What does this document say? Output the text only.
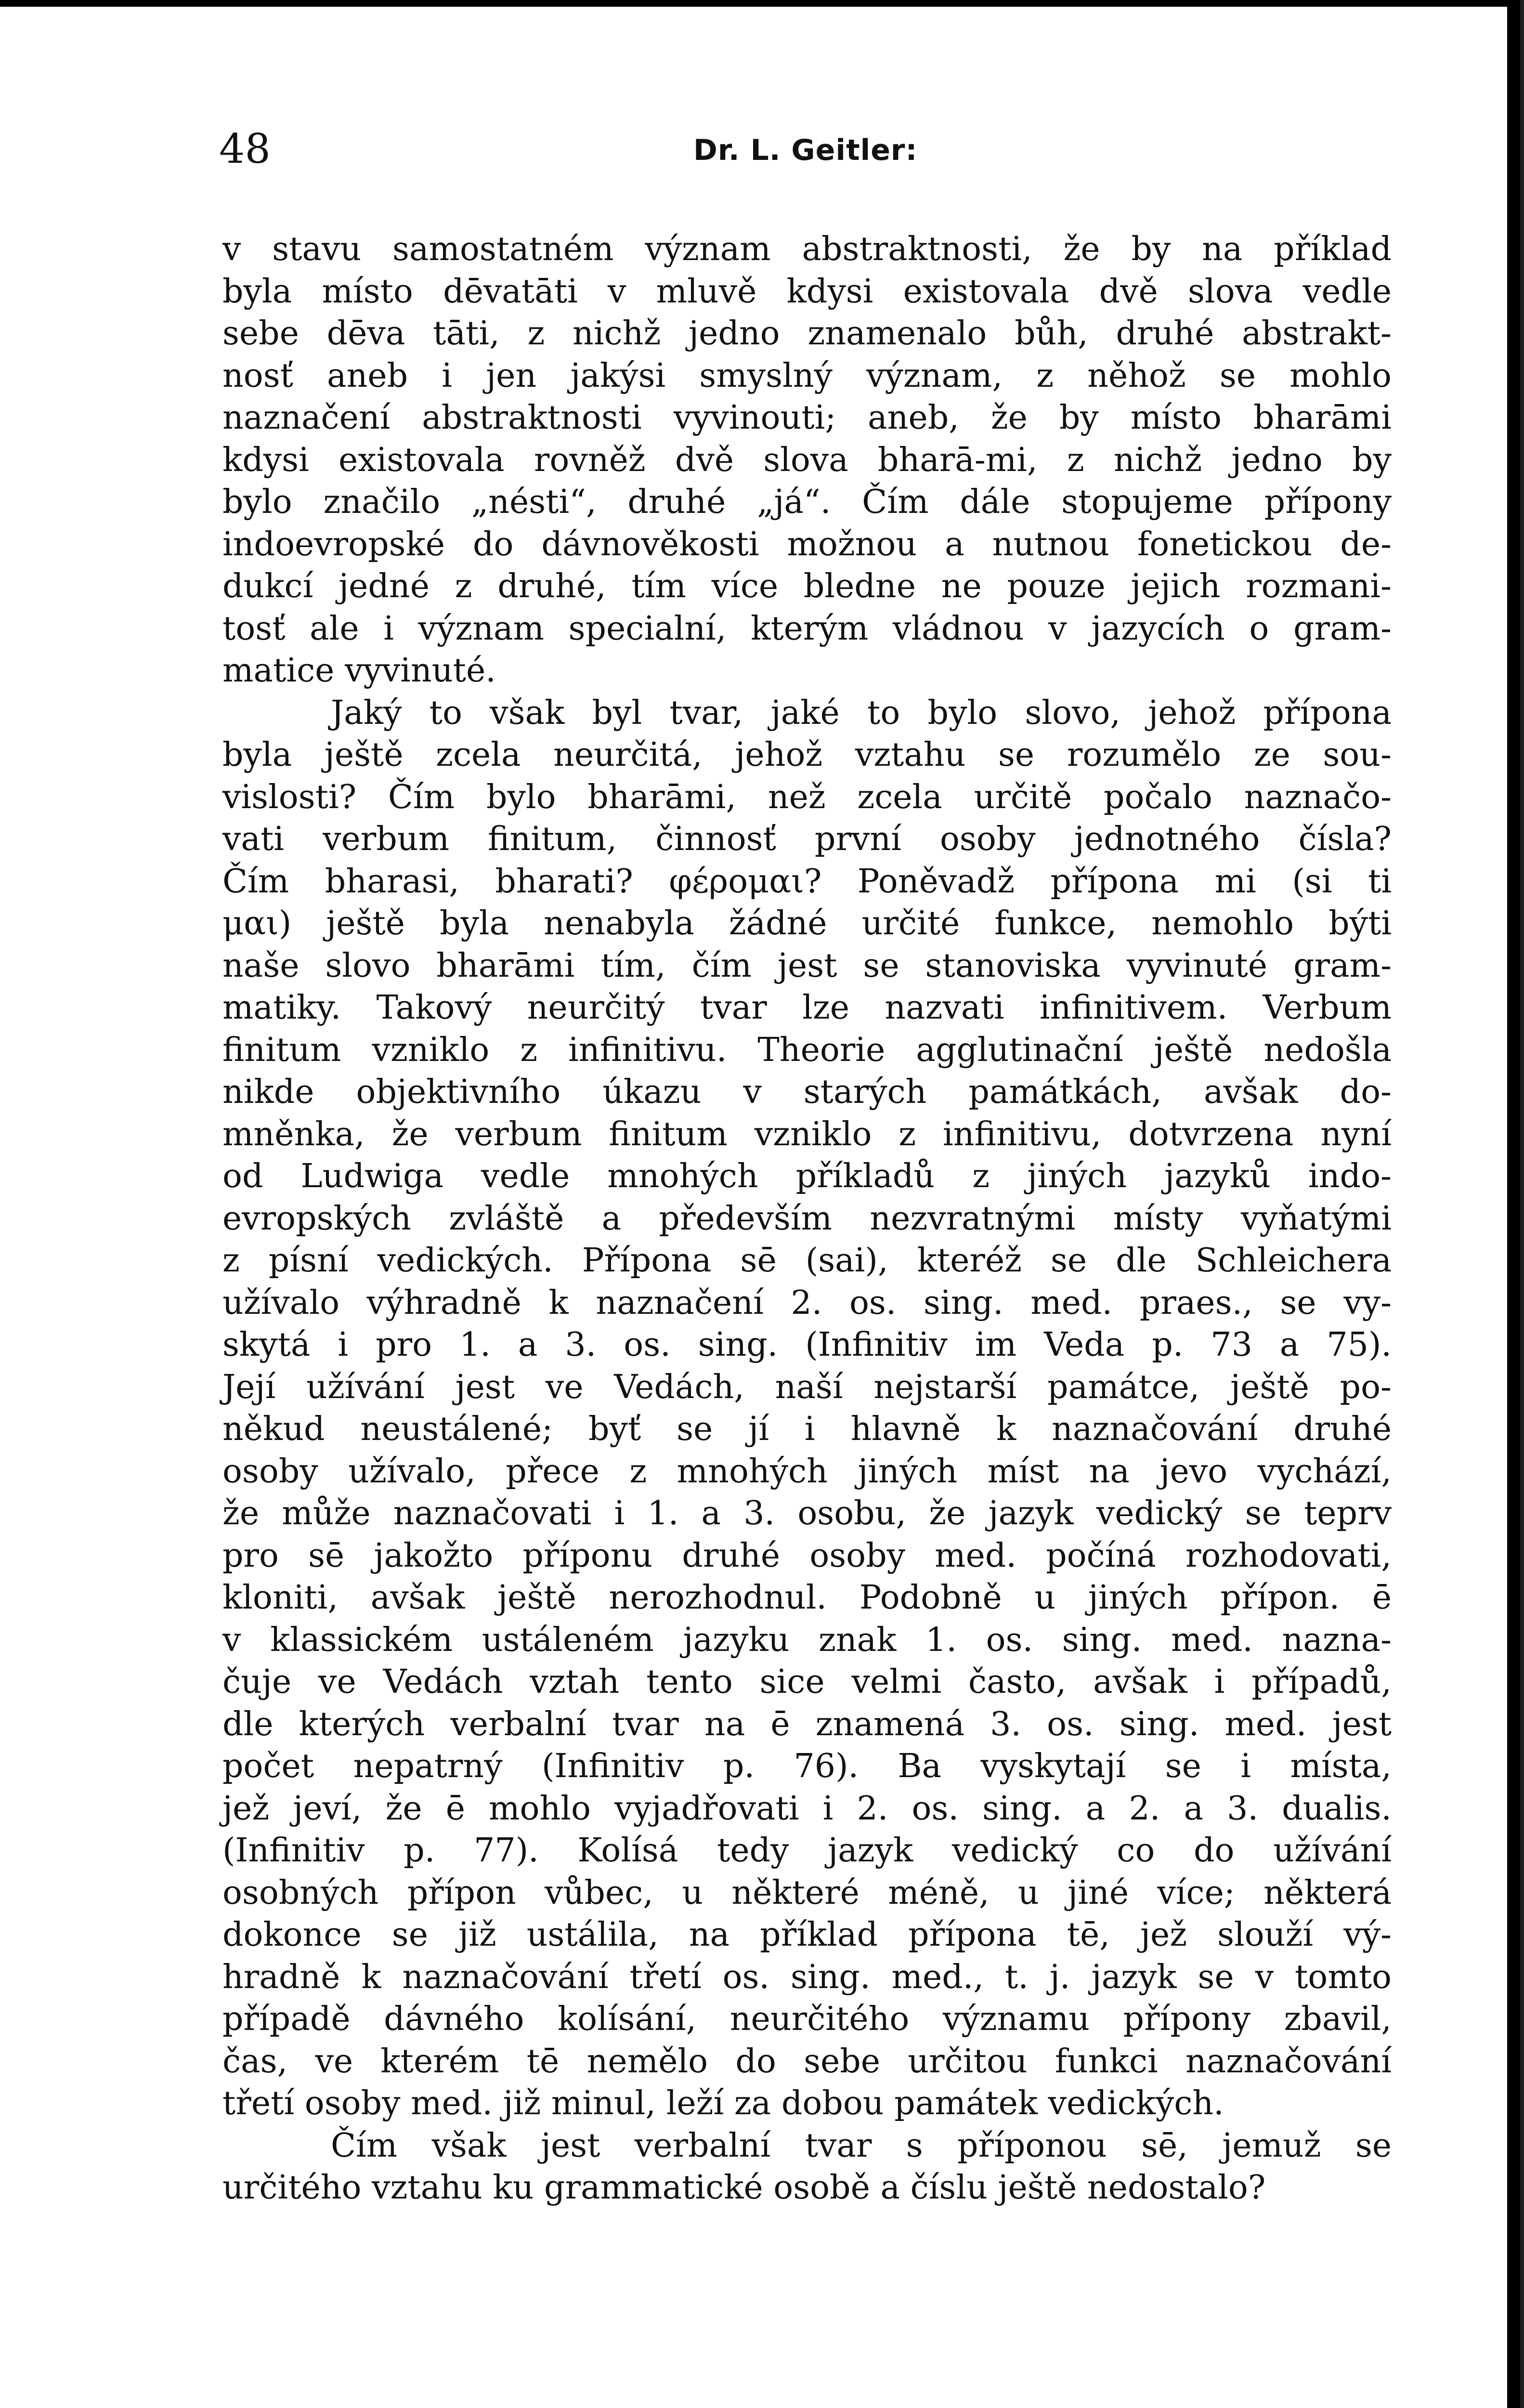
48	Dr. L. Geitler:
v stavu samostatném význam abstraktnosti, že by na příklad
byla místo dēvatāti v mluvě kdysi existovala dvě slova vedle
sebe dēva tāti, z nichž jedno znamenalo bůh, druhé abstrakt-
nosť aneb i jen jakýsi smyslný význam, z něhož se mohlo
naznačení abstraktnosti vyvinouti; aneb, že by místo bharāmi
kdysi existovala rovněž dvě slova bharā-mi, z nichž jedno by
bylo značilo „nésti“, druhé „já“. Čím dále stopujeme přípony
indoevropské do dávnověkosti možnou a nutnou fonetickou de-
dukcí jedné z druhé, tím více bledne ne pouze jejich rozmani-
tosť ale i význam specialní, kterým vládnou v jazycích o gram-
matice vyvinuté.
Jaký to však byl tvar, jaké to bylo slovo, jehož přípona
byla ještě zcela neurčitá, jehož vztahu se rozumělo ze sou-
vislosti? Čím bylo bharāmi, než zcela určitě počalo naznačo-
vati verbum finitum, činnosť první osoby jednotného čísla?
Čím bharasi, bharati? φέρομαι? Poněvadž přípona mi (si ti
μαι) ještě byla nenabyla žádné určité funkce, nemohlo býti
naše slovo bharāmi tím, čím jest se stanoviska vyvinuté gram-
matiky. Takový neurčitý tvar lze nazvati infinitivem. Verbum
finitum vzniklo z infinitivu. Theorie agglutinační ještě nedošla
nikde objektivního úkazu v starých památkách, avšak do-
mněnka, že verbum finitum vzniklo z infinitivu, dotvrzena nyní
od Ludwiga vedle mnohých příkladů z jiných jazyků indo-
evropských zvláště a především nezvratnými místy vyňatými
z písní vedických. Přípona sē (sai), kteréž se dle Schleichera
užívalo výhradně k naznačení 2. os. sing. med. praes., se vy-
skytá i pro 1. a 3. os. sing. (Infinitiv im Veda p. 73 a 75).
Její užívání jest ve Vedách, naší nejstarší památce, ještě po-
někud neustálené; byť se jí i hlavně k naznačování druhé
osoby užívalo, přece z mnohých jiných míst na jevo vychází,
že může naznačovati i 1. a 3. osobu, že jazyk vedický se teprv
pro sē jakožto příponu druhé osoby med. počíná rozhodovati,
kloniti, avšak ještě nerozhodnul. Podobně u jiných přípon. ē
v klassickém ustáleném jazyku znak 1. os. sing. med. nazna-
čuje ve Vedách vztah tento sice velmi často, avšak i případů,
dle kterých verbalní tvar na ē znamená 3. os. sing. med. jest
počet nepatrný (Infinitiv p. 76). Ba vyskytají se i místa,
jež jeví, že ē mohlo vyjadřovati i 2. os. sing. a 2. a 3. dualis.
(Infinitiv p. 77). Kolísá tedy jazyk vedický co do užívání
osobných přípon vůbec, u některé méně, u jiné více; některá
dokonce se již ustálila, na příklad přípona tē, jež slouží vý-
hradně k naznačování třetí os. sing. med., t. j. jazyk se v tomto
případě dávného kolísání, neurčitého významu přípony zbavil,
čas, ve kterém tē nemělo do sebe určitou funkci naznačování
třetí osoby med. již minul, leží za dobou památek vedických.
Čím však jest verbalní tvar s příponou sē, jemuž se
určitého vztahu ku grammatické osobě a číslu ještě nedostalo?
